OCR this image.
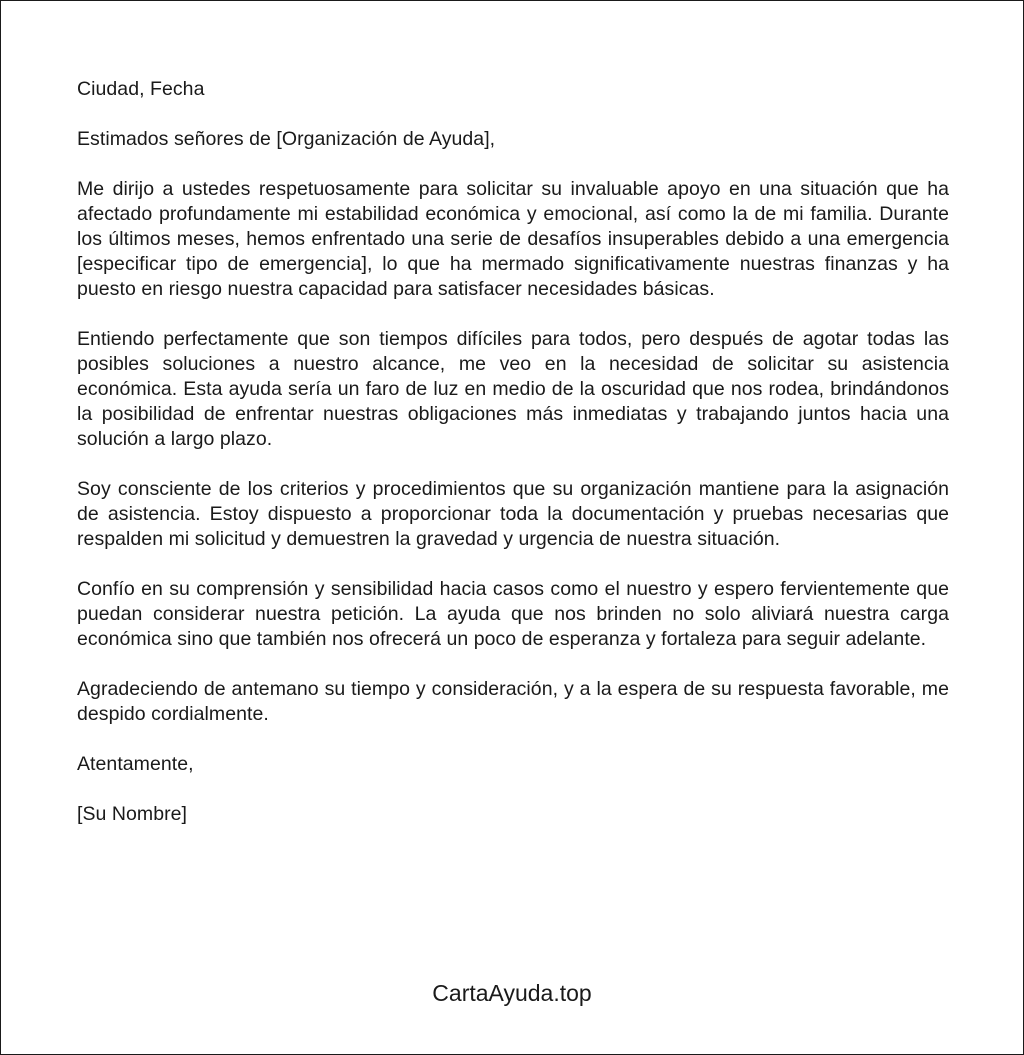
Ciudad, Fecha

Estimados señores de [Organización de Ayuda],

Me dirijo a ustedes respetuosamente para solicitar su invaluable apoyo en una situación que ha afectado profundamente mi estabilidad económica y emocional, así como la de mi familia. Durante los últimos meses, hemos enfrentado una serie de desafíos insuperables debido a una emergencia [especificar tipo de emergencia], lo que ha mermado significativamente nuestras finanzas y ha puesto en riesgo nuestra capacidad para satisfacer necesidades básicas.

Entiendo perfectamente que son tiempos difíciles para todos, pero después de agotar todas las posibles soluciones a nuestro alcance, me veo en la necesidad de solicitar su asistencia económica. Esta ayuda sería un faro de luz en medio de la oscuridad que nos rodea, brindándonos la posibilidad de enfrentar nuestras obligaciones más inmediatas y trabajando juntos hacia una solución a largo plazo.

Soy consciente de los criterios y procedimientos que su organización mantiene para la asignación de asistencia. Estoy dispuesto a proporcionar toda la documentación y pruebas necesarias que respalden mi solicitud y demuestren la gravedad y urgencia de nuestra situación.

Confío en su comprensión y sensibilidad hacia casos como el nuestro y espero fervientemente que puedan considerar nuestra petición. La ayuda que nos brinden no solo aliviará nuestra carga económica sino que también nos ofrecerá un poco de esperanza y fortaleza para seguir adelante.

Agradeciendo de antemano su tiempo y consideración, y a la espera de su respuesta favorable, me despido cordialmente.

Atentamente,

[Su Nombre]

CartaAyuda.top
